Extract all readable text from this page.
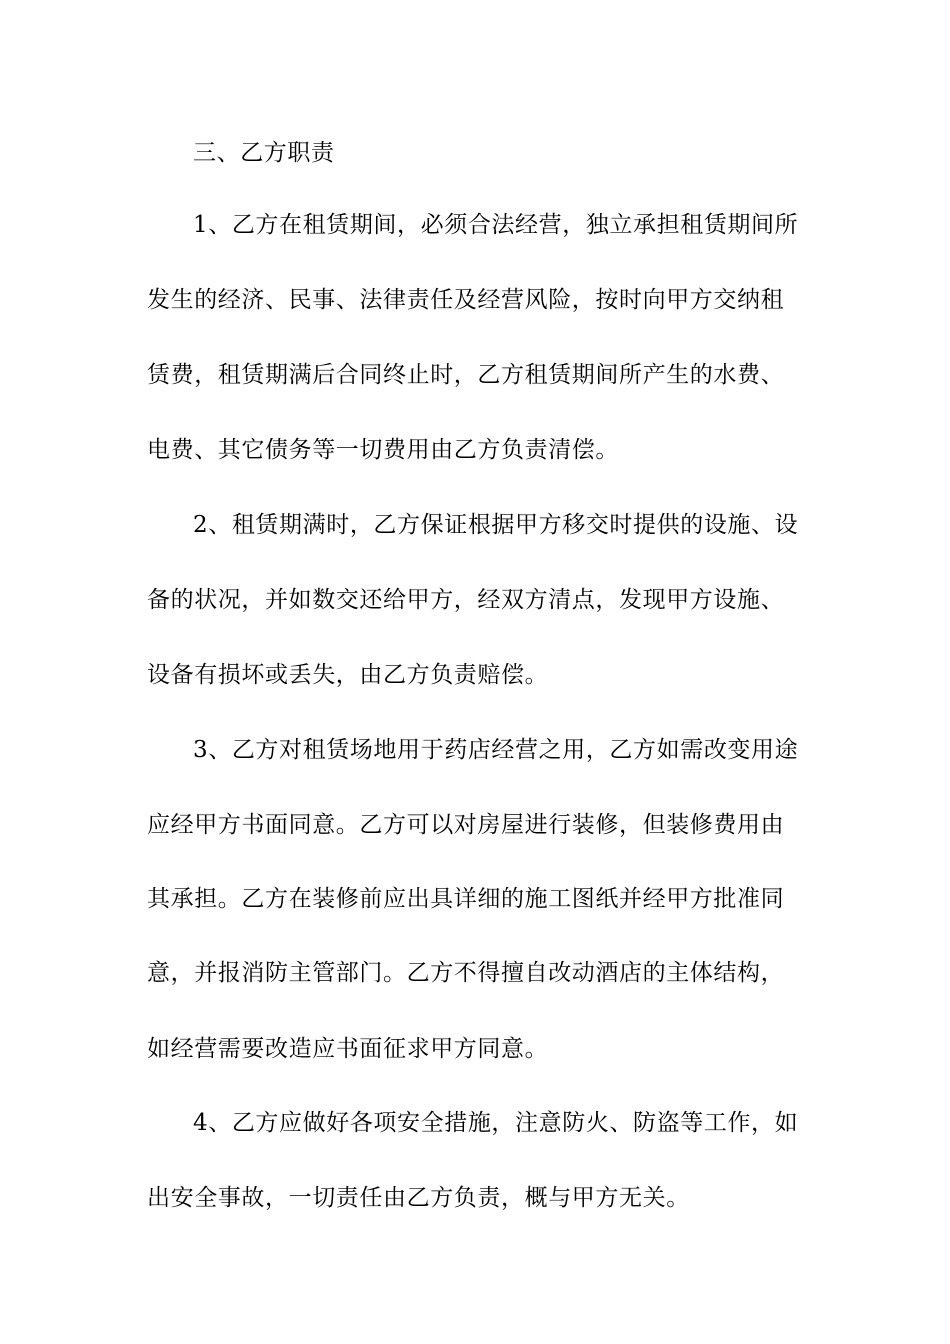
三、乙方职责
1、乙方在租赁期间，必须合法经营，独立承担租赁期间所
发生的经济、民事、法律责任及经营风险，按时向甲方交纳租
赁费，租赁期满后合同终止时，乙方租赁期间所产生的水费、
电费、其它债务等一切费用由乙方负责清偿。
2、租赁期满时，乙方保证根据甲方移交时提供的设施、设
备的状况，并如数交还给甲方，经双方清点，发现甲方设施、
设备有损坏或丢失，由乙方负责赔偿。
3、乙方对租赁场地用于药店经营之用，乙方如需改变用途
应经甲方书面同意。乙方可以对房屋进行装修，但装修费用由
其承担。乙方在装修前应出具详细的施工图纸并经甲方批准同
意，并报消防主管部门。乙方不得擅自改动酒店的主体结构，
如经营需要改造应书面征求甲方同意。
4、乙方应做好各项安全措施，注意防火、防盗等工作，如
出安全事故，一切责任由乙方负责，概与甲方无关。
